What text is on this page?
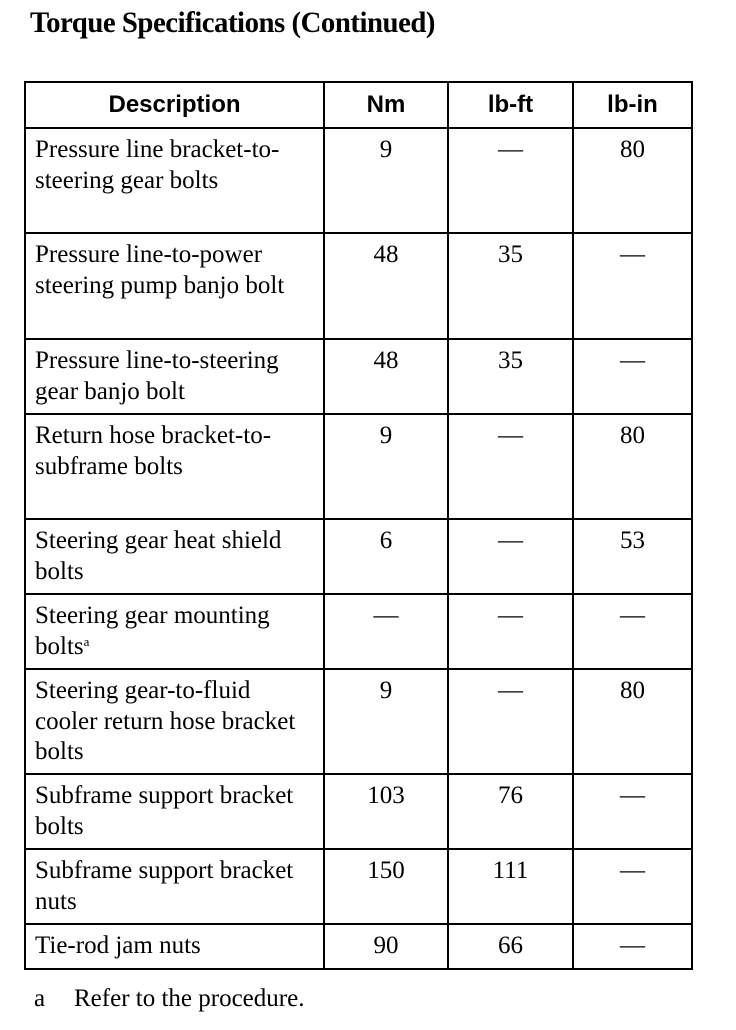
Torque Specifications (Continued)
Description	Nm	lb-ft	lb-in
Pressure line bracket-to-steering gear bolts	9	—	80
Pressure line-to-power steering pump banjo bolt	48	35	—
Pressure line-to-steering gear banjo bolt	48	35	—
Return hose bracket-to-subframe bolts	9	—	80
Steering gear heat shield bolts	6	—	53
Steering gear mounting bolts$^a$	—	—	—
Steering gear-to-fluid cooler return hose bracket bolts	9	—	80
Subframe support bracket bolts	103	76	—
Subframe support bracket nuts	150	111	—
Tie-rod jam nuts	90	66	—
a Refer to the procedure.
